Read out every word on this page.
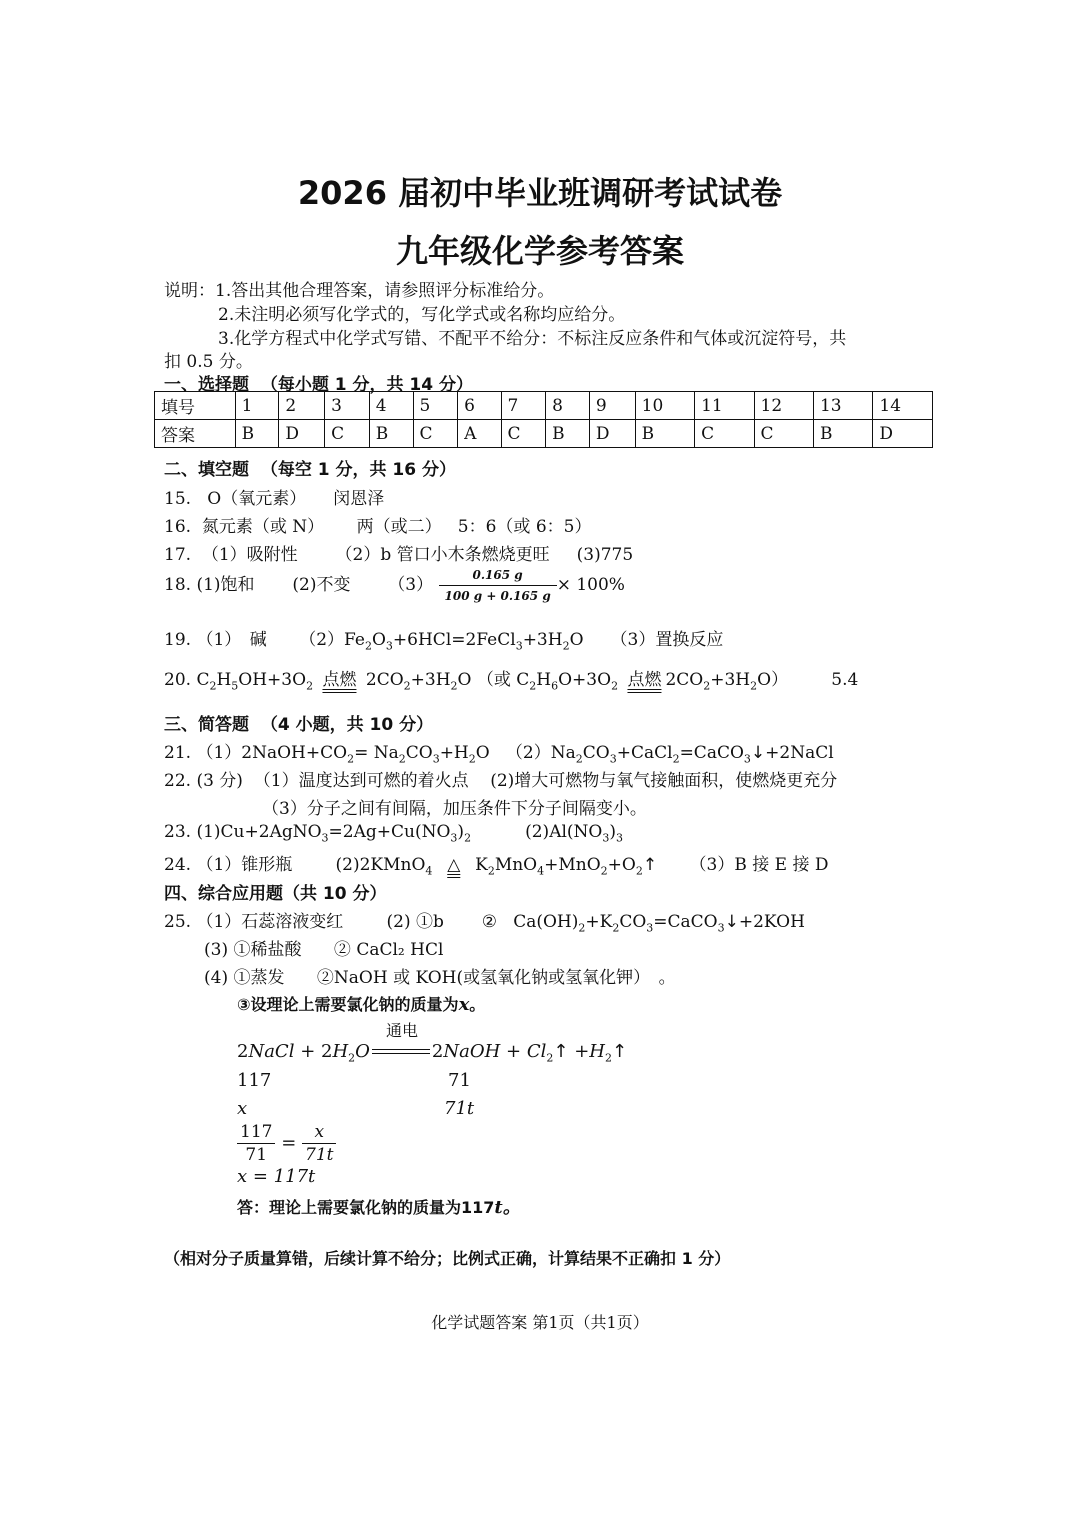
2026 届初中毕业班调研考试试卷
九年级化学参考答案
说明：1.答出其他合理答案，请参照评分标准给分。
2.未注明必须写化学式的，写化学式或名称均应给分。
3.化学方程式中化学式写错、不配平不给分：不标注反应条件和气体或沉淀符号，共
扣 0.5 分。
一、选择题 （每小题 1 分，共 14 分）
填号	1	2	3	4	5	6	7	8	9	10	11	12	13	14
答案	B	D	C	B	C	A	C	B	D	B	C	C	B	D
二、填空题 （每空 1 分，共 16 分）
15. O（氧元素） 闵恩泽
16. 氮元素（或 N） 两（或二） 5：6（或 6：5）
17. （1）吸附性 （2）b 管口小木条燃烧更旺 (3)775
18. (1)饱和 (2)不变 $(3) \frac{0.165 g}{100 g + 0.165 g} \times 100\%$
19. （1）　碱 $(2)Fe_2O_3+6HCl=2FeCl_3+3H_2O$ （3）置换反应
20. $C_2H_5OH+3O_2$ 点燃 $2CO_2+3H_2O$ （或 $C_2H_6O+3O_2$ 点燃 $2CO_2+3H_2O$）	5.4
三、简答题 （4 小题，共 10 分）
21. $(1)2NaOH+CO_2= Na_2CO_3+H_2O$ $(2)Na_2CO_3+CaCl_2=CaCO_3↓+2NaCl$
22. (3 分) （1）温度达到可燃的着火点 (2)增大可燃物与氧气接触面积，使燃烧更充分
（3）分子之间有间隔，加压条件下分子间隔变小。
23. $(1)Cu+2AgNO_3=2Ag+Cu(NO_3)_2$	$(2)Al(NO_3)_3$
24. （1）锥形瓶	(2)2KMnO$_4$ △ $K_2MnO_4+MnO_2+O_2↑$ （3）B 接 E 接 D
四、综合应用题（共 10 分）
25. （1）石蕊溶液变红	(2) ①b ② $Ca(OH)_2+K_2CO_3=CaCO_3↓+2KOH$
(3) ①稀盐酸 ② CaCl₂ HCl
(4) ①蒸发 ②NaOH 或 KOH(或氢氧化钠或氢氧化钾）　。
③设理论上需要氯化钠的质量为x。
通电
2NaCl + $2H_2O$	2NaOH + $Cl_2↑$ $+H_2↑$
117	71
x	71t
$\frac{117}{71} = \frac{x}{71t}$
x = 117t
答：理论上需要氯化钠的质量为117t。
（相对分子质量算错，后续计算不给分；比例式正确，计算结果不正确扣 1 分）
化学试题答案 第1页（共1页）
